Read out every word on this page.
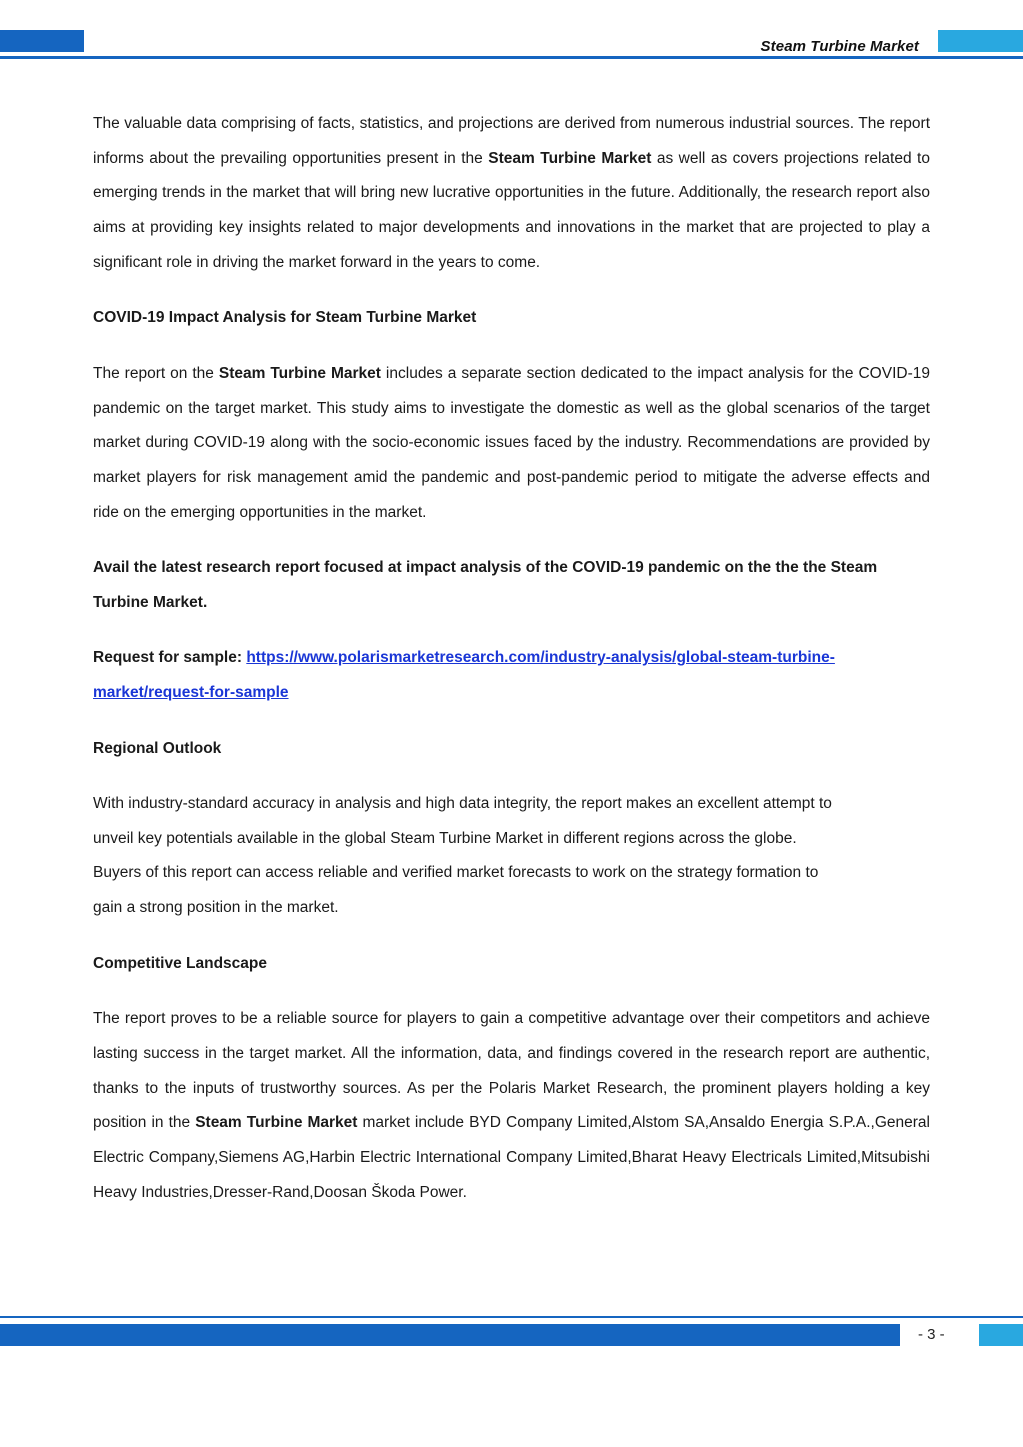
Steam Turbine Market

The valuable data comprising of facts, statistics, and projections are derived from numerous industrial sources. The report informs about the prevailing opportunities present in the Steam Turbine Market as well as covers projections related to emerging trends in the market that will bring new lucrative opportunities in the future. Additionally, the research report also aims at providing key insights related to major developments and innovations in the market that are projected to play a significant role in driving the market forward in the years to come.

COVID-19 Impact Analysis for Steam Turbine Market

The report on the Steam Turbine Market includes a separate section dedicated to the impact analysis for the COVID-19 pandemic on the target market. This study aims to investigate the domestic as well as the global scenarios of the target market during COVID-19 along with the socio-economic issues faced by the industry. Recommendations are provided by market players for risk management amid the pandemic and post-pandemic period to mitigate the adverse effects and ride on the emerging opportunities in the market.

Avail the latest research report focused at impact analysis of the COVID-19 pandemic on the the the Steam Turbine Market.

Request for sample: https://www.polarismarketresearch.com/industry-analysis/global-steam-turbine-market/request-for-sample

Regional Outlook

With industry-standard accuracy in analysis and high data integrity, the report makes an excellent attempt to

unveil key potentials available in the global Steam Turbine Market in different regions across the globe.

Buyers of this report can access reliable and verified market forecasts to work on the strategy formation to

gain a strong position in the market.

Competitive Landscape

The report proves to be a reliable source for players to gain a competitive advantage over their competitors and achieve lasting success in the target market. All the information, data, and findings covered in the research report are authentic, thanks to the inputs of trustworthy sources. As per the Polaris Market Research, the prominent players holding a key position in the Steam Turbine Market market include BYD Company Limited,Alstom SA,Ansaldo Energia S.P.A.,General Electric Company,Siemens AG,Harbin Electric International Company Limited,Bharat Heavy Electricals Limited,Mitsubishi Heavy Industries,Dresser-Rand,Doosan Škoda Power.

- 3 -
